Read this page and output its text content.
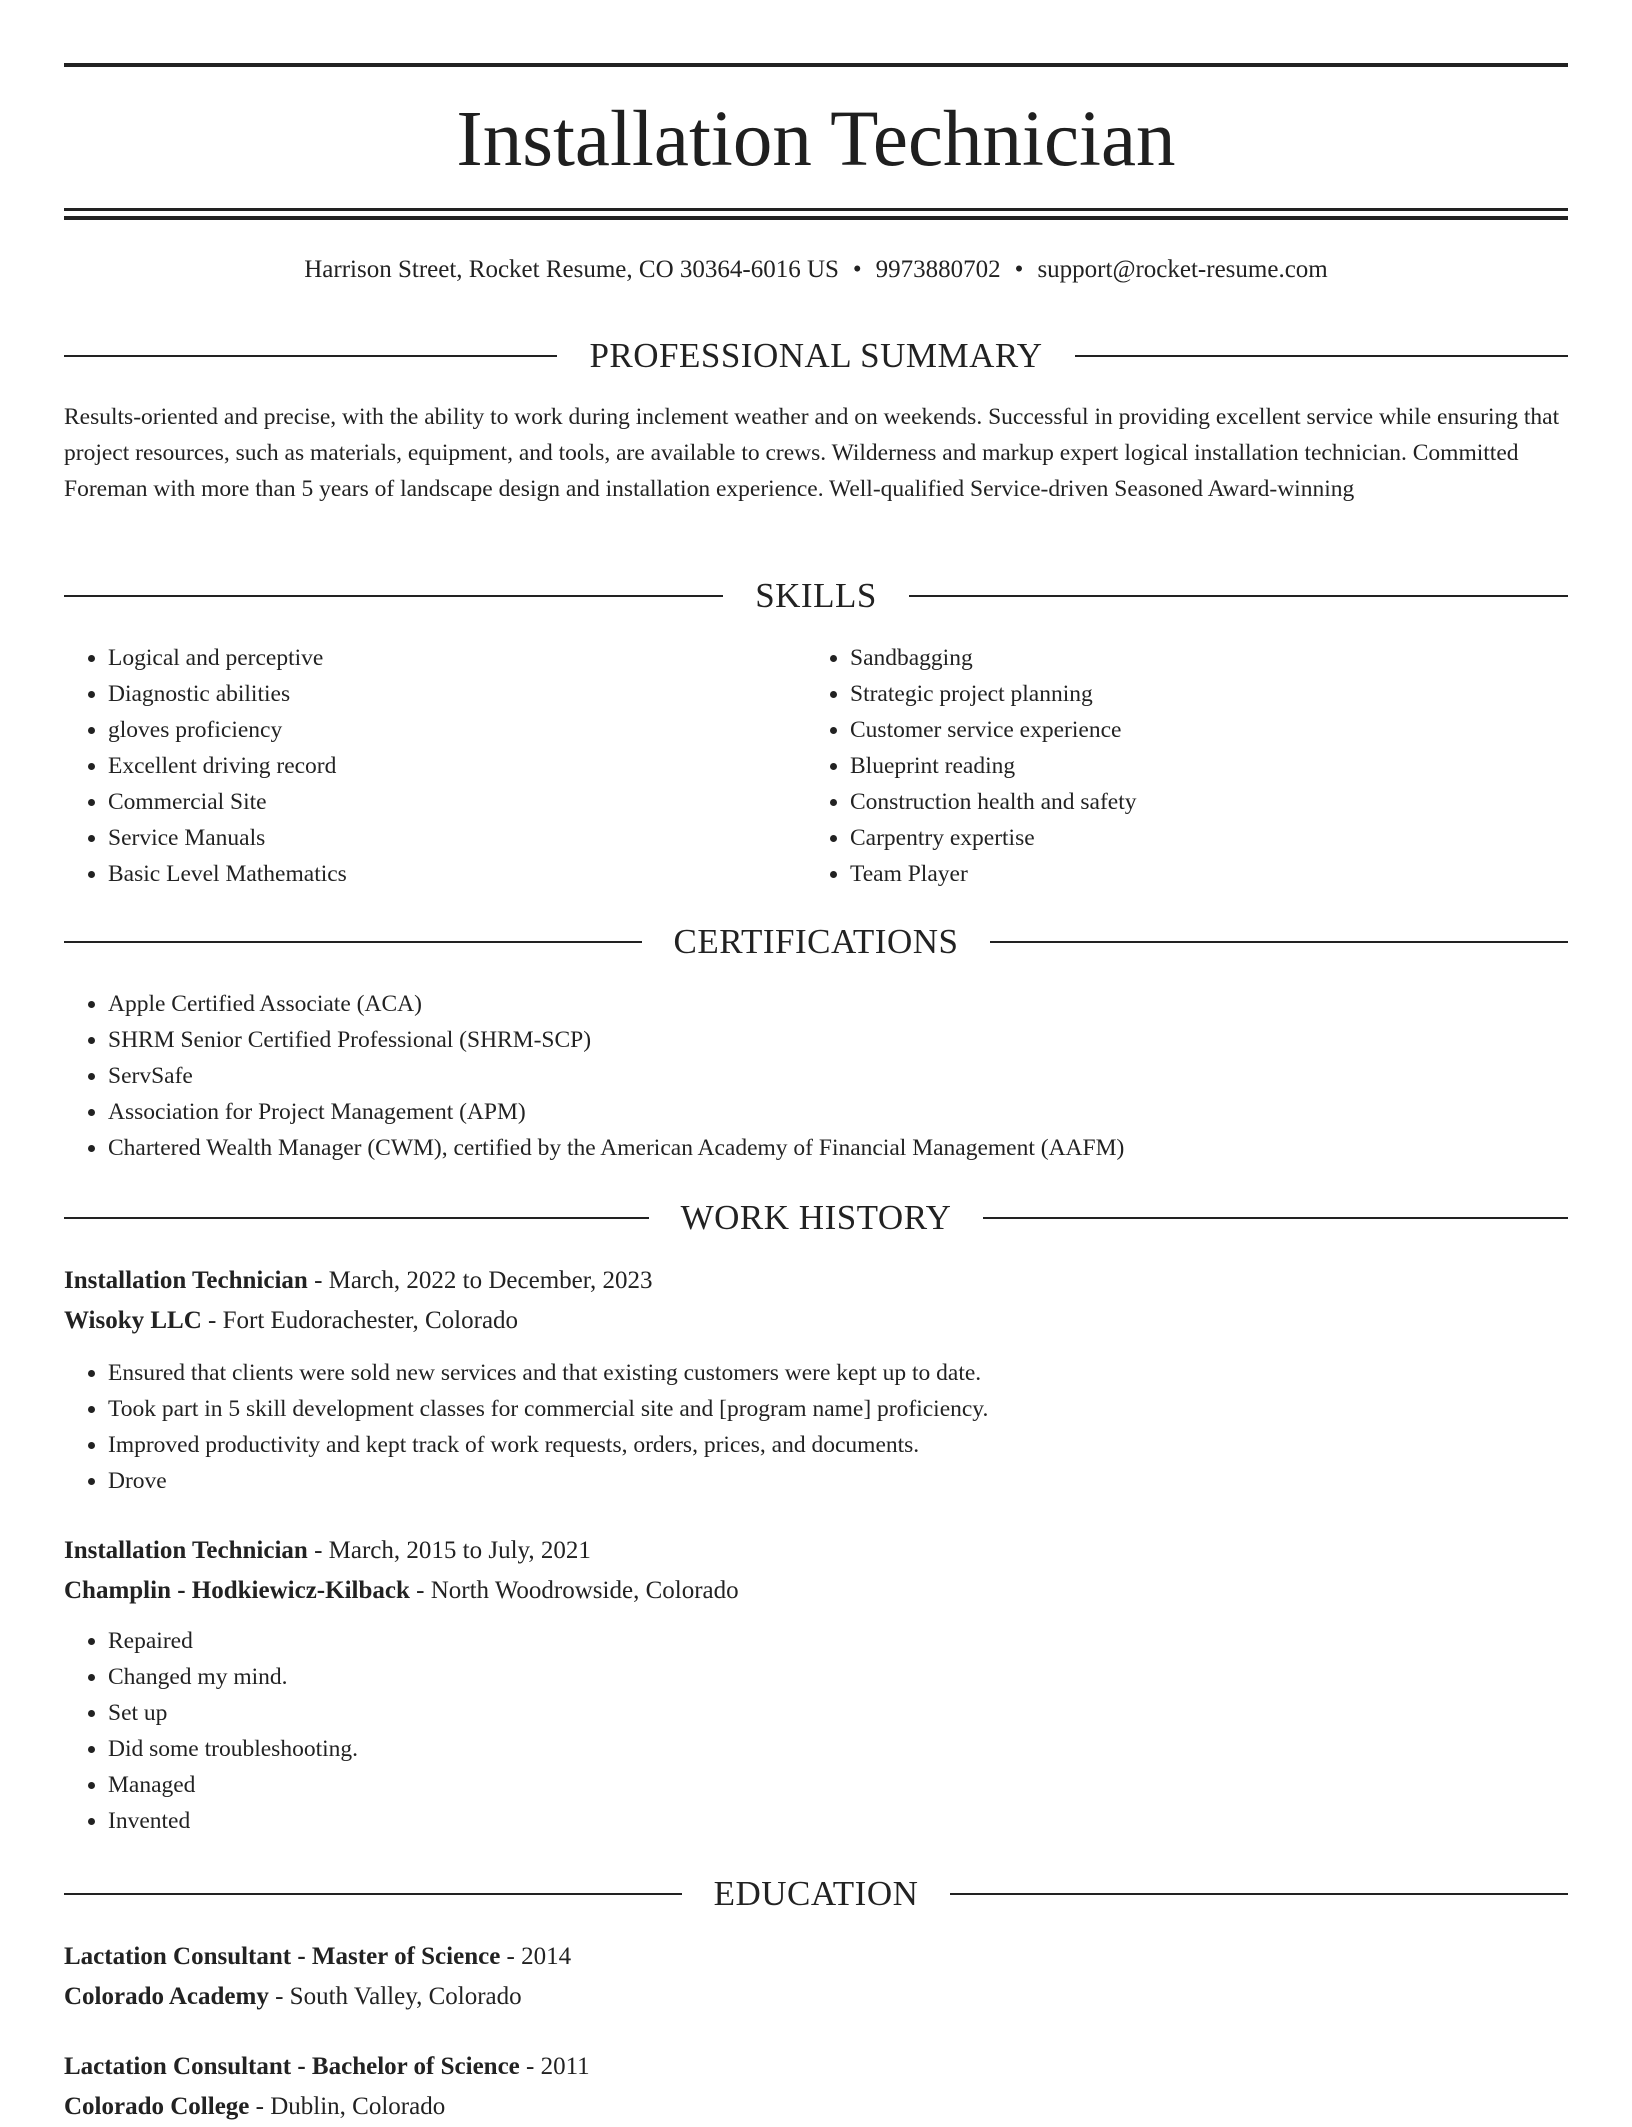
Installation Technician
Harrison Street, Rocket Resume, CO 30364-6016 US • 9973880702 • support@rocket-resume.com
PROFESSIONAL SUMMARY

Results-oriented and precise, with the ability to work during inclement weather and on weekends. Successful in providing excellent service while ensuring that project resources, such as materials, equipment, and tools, are available to crews. Wilderness and markup expert logical installation technician. Committed Foreman with more than 5 years of landscape design and installation experience. Well-qualified Service-driven Seasoned Award-winning

SKILLS
• Logical and perceptive
• Diagnostic abilities
• gloves proficiency
• Excellent driving record
• Commercial Site
• Service Manuals
• Basic Level Mathematics
• Sandbagging
• Strategic project planning
• Customer service experience
• Blueprint reading
• Construction health and safety
• Carpentry expertise
• Team Player
CERTIFICATIONS
• Apple Certified Associate (ACA)
• SHRM Senior Certified Professional (SHRM-SCP)
• ServSafe
• Association for Project Management (APM)
• Chartered Wealth Manager (CWM), certified by the American Academy of Financial Management (AAFM)
WORK HISTORY

Installation Technician - March, 2022 to December, 2023

Wisoky LLC - Fort Eudorachester, Colorado

• Ensured that clients were sold new services and that existing customers were kept up to date.
• Took part in 5 skill development classes for commercial site and [program name] proficiency.
• Improved productivity and kept track of work requests, orders, prices, and documents.
• Drove

Installation Technician - March, 2015 to July, 2021

Champlin - Hodkiewicz-Kilback - North Woodrowside, Colorado

• Repaired
• Changed my mind.
• Set up
• Did some troubleshooting.
• Managed
• Invented
EDUCATION

Lactation Consultant - Master of Science - 2014

Colorado Academy - South Valley, Colorado

Lactation Consultant - Bachelor of Science - 2011

Colorado College - Dublin, Colorado
